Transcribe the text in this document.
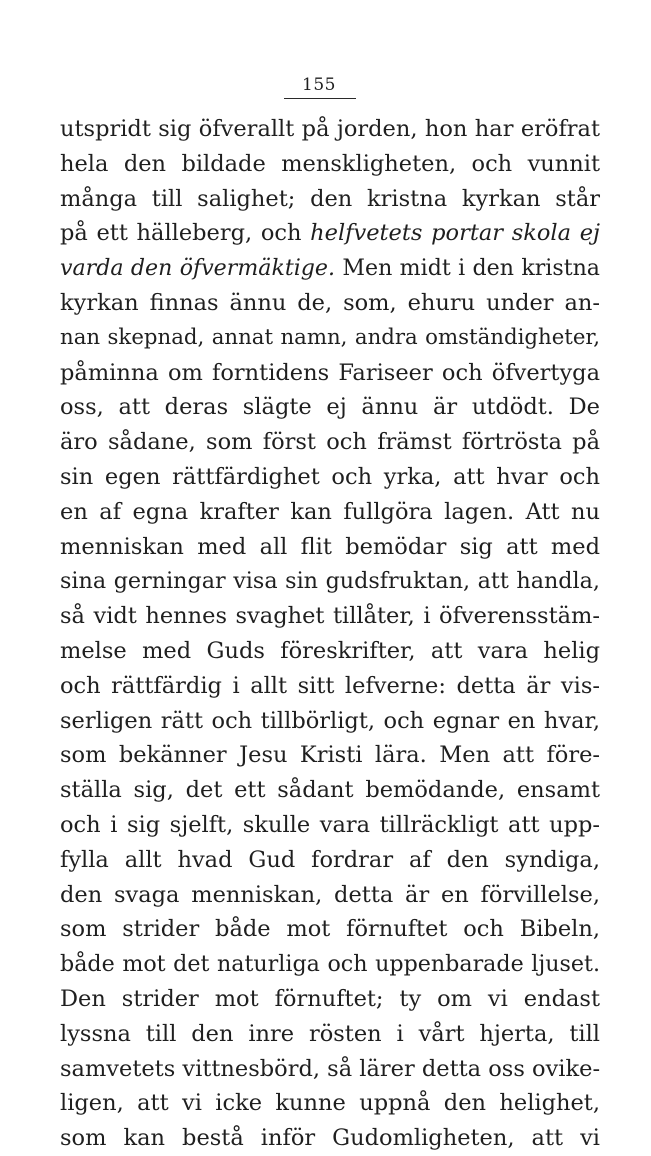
155
utspridt sig öfverallt på jorden, hon har eröfrat
hela den bildade menskligheten, och vunnit
många till salighet; den kristna kyrkan står
på ett hälleberg, och helfvetets portar skola ej
varda den öfvermäktige. Men midt i den kristna
kyrkan finnas ännu de, som, ehuru under an-
nan skepnad, annat namn, andra omständigheter,
påminna om forntidens Fariseer och öfvertyga
oss, att deras slägte ej ännu är utdödt. De
äro sådane, som först och främst förtrösta på
sin egen rättfärdighet och yrka, att hvar och
en af egna krafter kan fullgöra lagen. Att nu
menniskan med all flit bemödar sig att med
sina gerningar visa sin gudsfruktan, att handla,
så vidt hennes svaghet tillåter, i öfverensstäm-
melse med Guds föreskrifter, att vara helig
och rättfärdig i allt sitt lefverne: detta är vis-
serligen rätt och tillbörligt, och egnar en hvar,
som bekänner Jesu Kristi lära. Men att före-
ställa sig, det ett sådant bemödande, ensamt
och i sig sjelft, skulle vara tillräckligt att upp-
fylla allt hvad Gud fordrar af den syndiga,
den svaga menniskan, detta är en förvillelse,
som strider både mot förnuftet och Bibeln,
både mot det naturliga och uppenbarade ljuset.
Den strider mot förnuftet; ty om vi endast
lyssna till den inre rösten i vårt hjerta, till
samvetets vittnesbörd, så lärer detta oss ovike-
ligen, att vi icke kunne uppnå den helighet,
som kan bestå inför Gudomligheten, att vi
